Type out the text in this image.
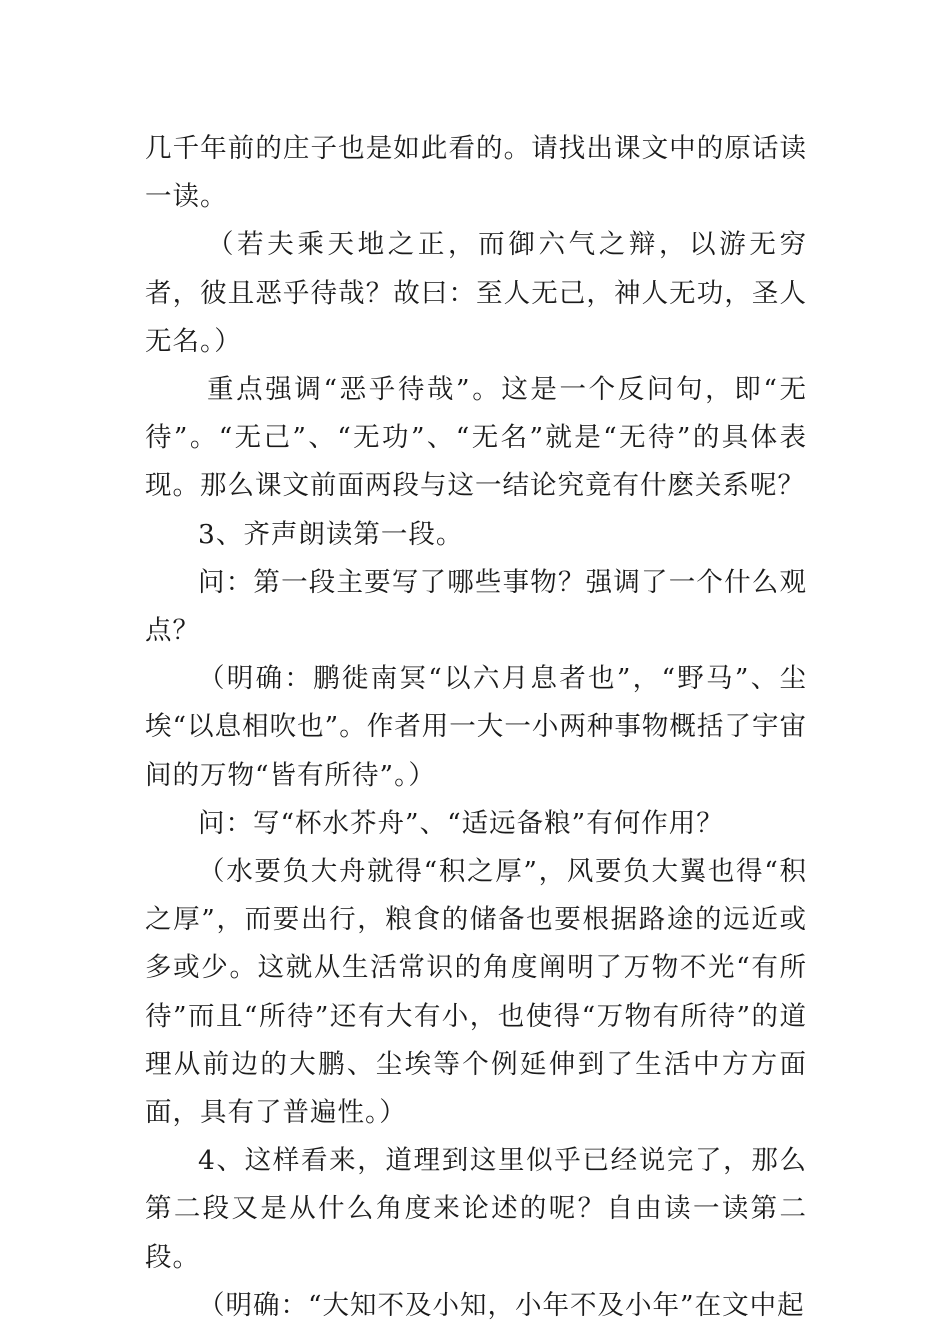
几千年前的庄子也是如此看的。请找出课文中的原话读一读。

（若夫乘天地之正，而御六气之辩，以游无穷者，彼且恶乎待哉？故曰：至人无己，神人无功，圣人无名。）

重点强调“恶乎待哉”。这是一个反问句，即“无待”。“无己”、“无功”、“无名”就是“无待”的具体表现。那么课文前面两段与这一结论究竟有什麽关系呢？

3、齐声朗读第一段。

问：第一段主要写了哪些事物？强调了一个什么观点？

（明确：鹏徙南冥“以六月息者也”，“野马”、尘埃“以息相吹也”。作者用一大一小两种事物概括了宇宙间的万物“皆有所待”。）

问：写“杯水芥舟”、“适远备粮”有何作用？

（水要负大舟就得“积之厚”，风要负大翼也得“积之厚”，而要出行，粮食的储备也要根据路途的远近或多或少。这就从生活常识的角度阐明了万物不光“有所待”而且“所待”还有大有小，也使得“万物有所待”的道理从前边的大鹏、尘埃等个例延伸到了生活中方方面面，具有了普遍性。）

4、这样看来，道理到这里似乎已经说完了，那么第二段又是从什么角度来论述的呢？自由读一读第二段。

（明确：“大知不及小知，小年不及小年”在文中起
